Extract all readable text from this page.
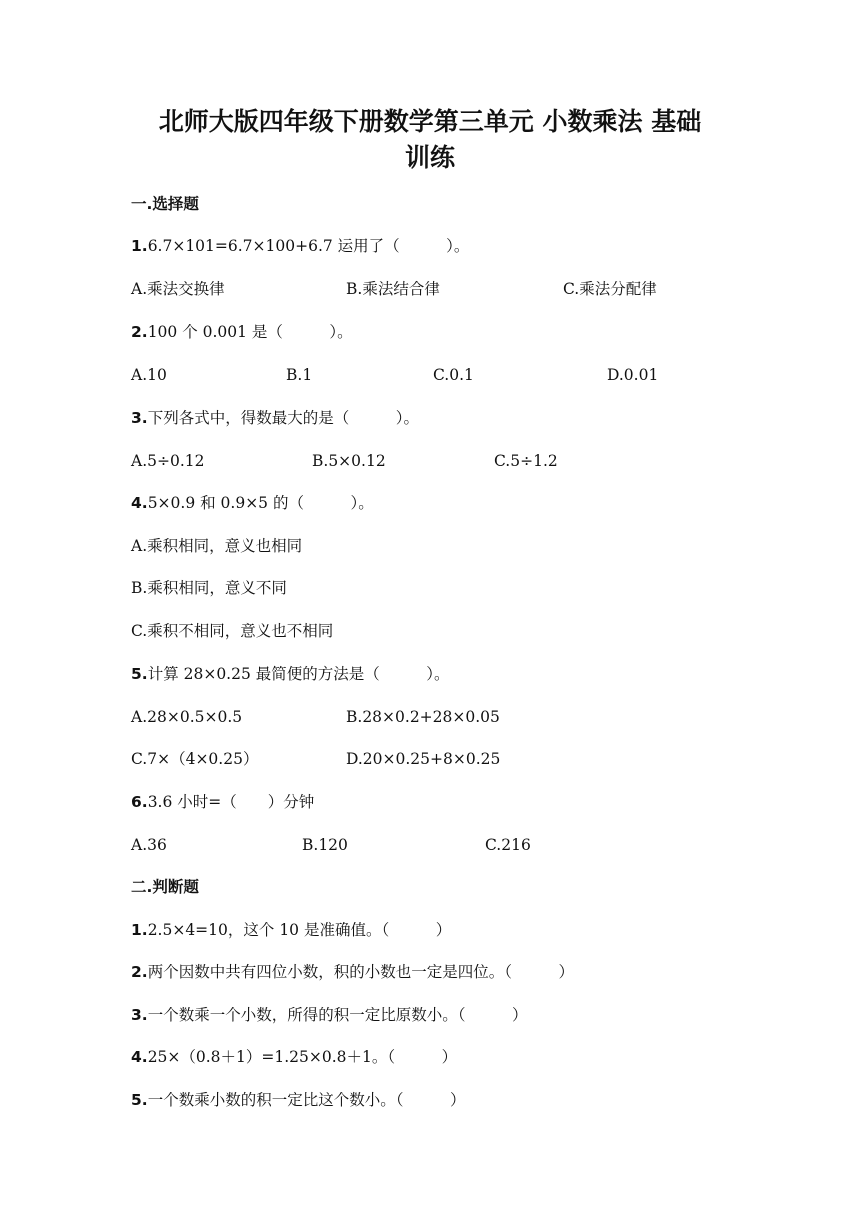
北师大版四年级下册数学第三单元 小数乘法 基础
训练
一.选择题
1.6.7×101=6.7×100+6.7 运用了（　　　）。
A.乘法交换律	B.乘法结合律	C.乘法分配律
2.100 个 0.001 是（　　　）。
A.10	B.1	C.0.1	D.0.01
3.下列各式中，得数最大的是（　　　）。
A.5÷0.12	B.5×0.12	C.5÷1.2
4.5×0.9 和 0.9×5 的（　　　）。
A.乘积相同，意义也相同
B.乘积相同，意义不同
C.乘积不相同，意义也不相同
5.计算 28×0.25 最简便的方法是（　　　）。
A.28×0.5×0.5	B.28×0.2+28×0.05
C.7×（4×0.25）	D.20×0.25+8×0.25
6.3.6 小时=（　　）分钟
A.36	B.120	C.216
二.判断题
1.2.5×4=10，这个 10 是准确值。（　　　）
2.两个因数中共有四位小数，积的小数也一定是四位。（　　　）
3.一个数乘一个小数，所得的积一定比原数小。（　　　）
4.25×（0.8＋1）=1.25×0.8＋1。（　　　）
5.一个数乘小数的积一定比这个数小。（　　　）
